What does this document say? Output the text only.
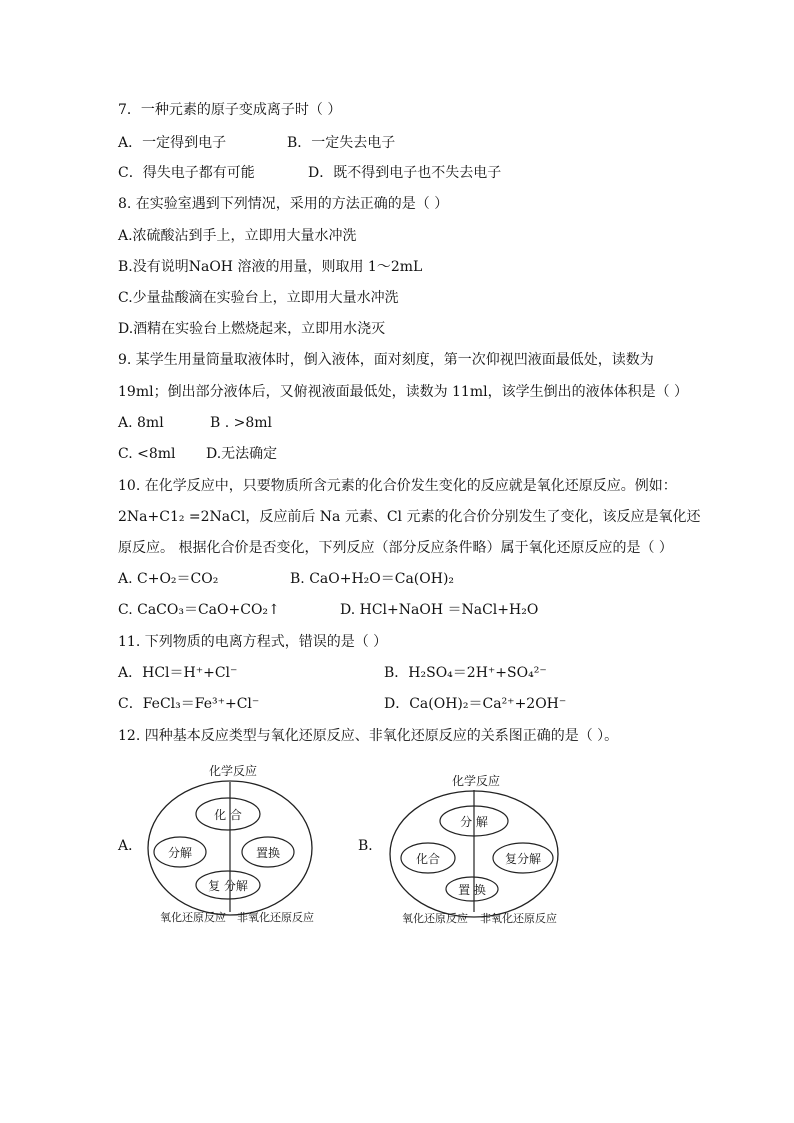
7．一种元素的原子变成离子时（ ）
A．一定得到电子	B．一定失去电子
C．得失电子都有可能	D．既不得到电子也不失去电子
8. 在实验室遇到下列情况，采用的方法正确的是（ ）
A.浓硫酸沾到手上，立即用大量水冲洗
B.没有说明NaOH 溶液的用量，则取用 1～2mL
C.少量盐酸滴在实验台上，立即用大量水冲洗
D.酒精在实验台上燃烧起来，立即用水浇灭
9. 某学生用量筒量取液体时，倒入液体，面对刻度，第一次仰视凹液面最低处，读数为
19ml；倒出部分液体后，又俯视液面最低处，读数为 11ml，该学生倒出的液体体积是（ ）
A. 8ml	B . >8ml
C. <8ml D.无法确定
10. 在化学反应中，只要物质所含元素的化合价发生变化的反应就是氧化还原反应。例如：
2Na+C1₂ =2NaCl，反应前后 Na 元素、Cl 元素的化合价分别发生了变化，该反应是氧化还
原反应。 根据化合价是否变化，下列反应（部分反应条件略）属于氧化还原反应的是（ ）
A. C+O₂＝CO₂	B. CaO+H₂O＝Ca(OH)₂
C. CaCO₃＝CaO+CO₂↑	D. HCl+NaOH ＝NaCl+H₂O
11. 下列物质的电离方程式，错误的是（ ）
A．HCl＝H⁺+Cl⁻	B．H₂SO₄＝2H⁺+SO₄²⁻
C．FeCl₃＝Fe³⁺+Cl⁻	D．Ca(OH)₂＝Ca²⁺+2OH⁻
12. 四种基本反应类型与氧化还原反应、非氧化还原反应的关系图正确的是（ ）。
A．
化学反应
化 合
分解	置换
复 分解
氧化还原反应 非氧化还原反应
B．
化学反应
分 解
化合	复分解
置 换
氧化还原反应 非氧化还原反应
